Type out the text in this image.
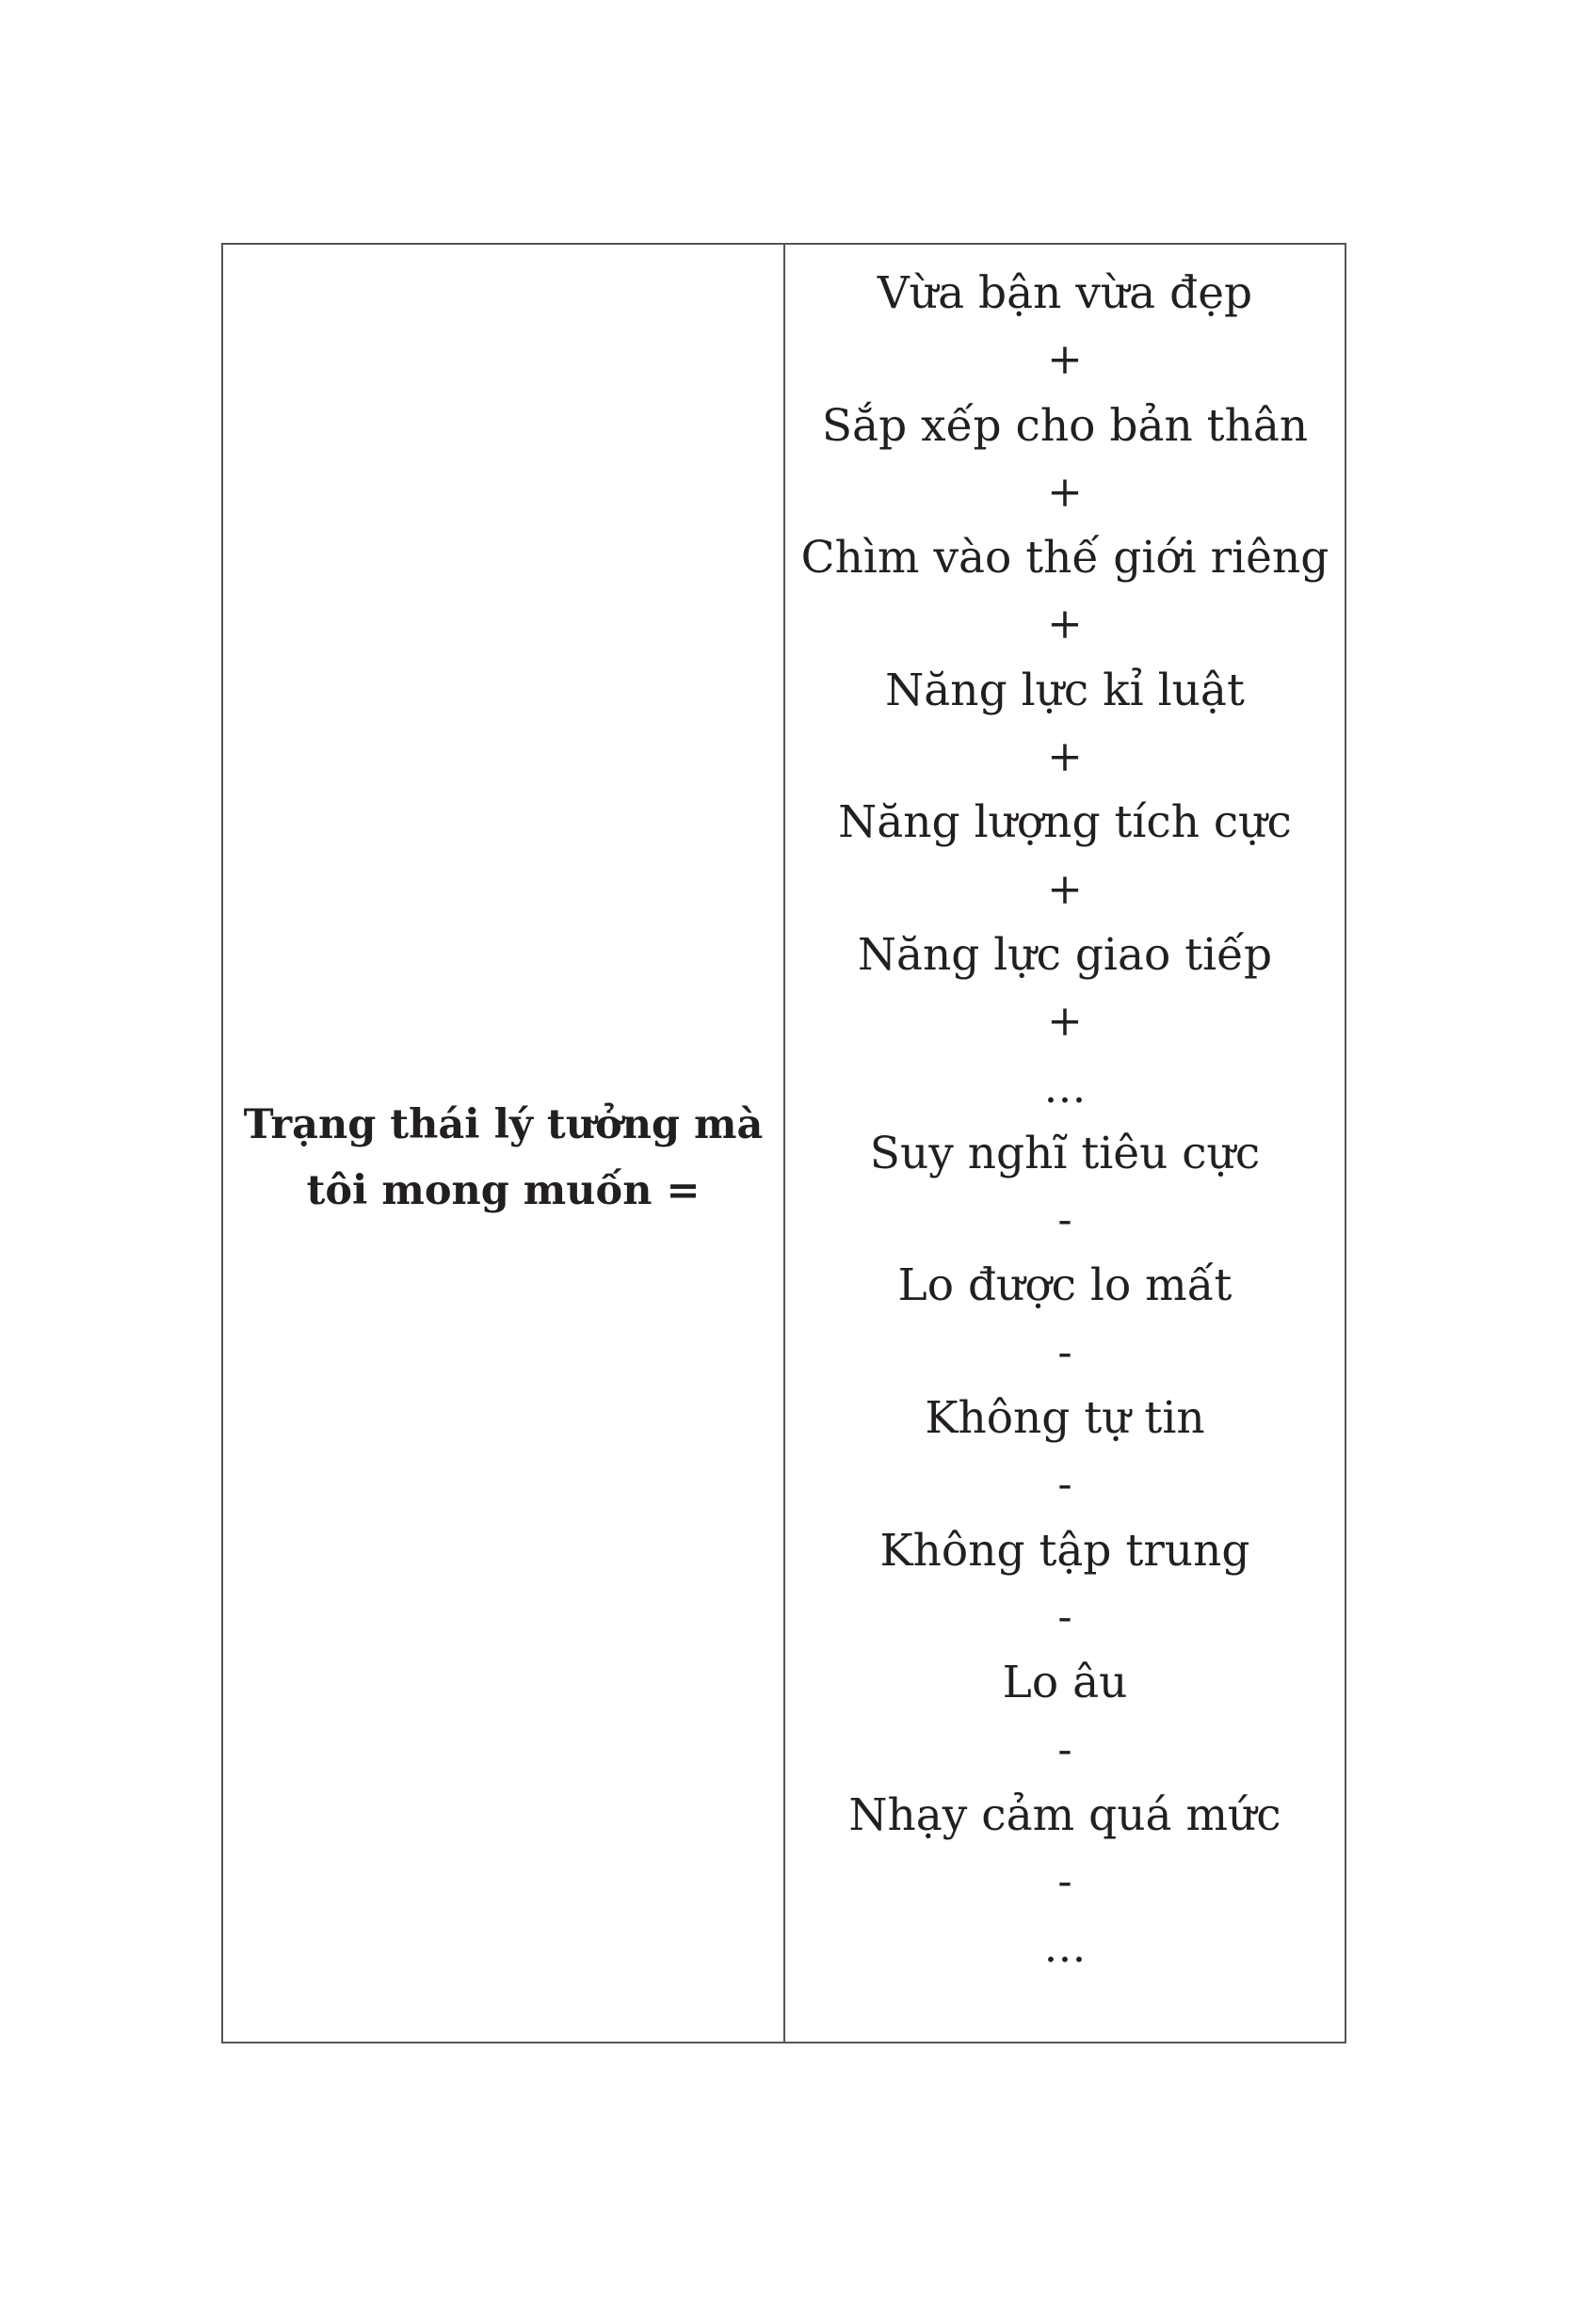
Trạng thái lý tưởng mà tôi mong muốn =
Vừa bận vừa đẹp
+
Sắp xếp cho bản thân
+
Chìm vào thế giới riêng
+
Năng lực kỉ luật
+
Năng lượng tích cực
+
Năng lực giao tiếp
+
…
Suy nghĩ tiêu cực
-
Lo được lo mất
-
Không tự tin
-
Không tập trung
-
Lo âu
-
Nhạy cảm quá mức
-
…
